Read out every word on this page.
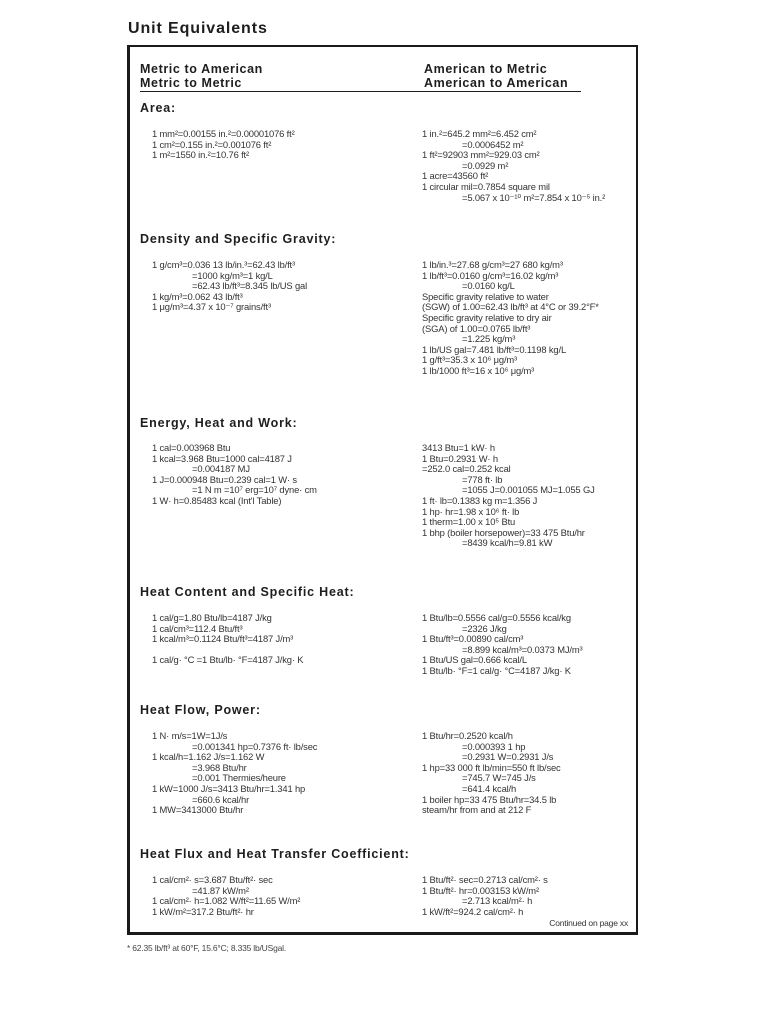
Unit Equivalents
Metric to American
Metric to Metric
American to Metric
American to American
Area:
1 mm²=0.00155 in.²=0.00001076 ft²
1 cm²=0.155 in.²=0.001076 ft²
1 m²=1550 in.²=10.76 ft²
1 in.²=645.2 mm²=6.452 cm²
=0.0006452 m²
1 ft²=92903 mm²=929.03 cm²
=0.0929 m²
1 acre=43560 ft²
1 circular mil=0.7854 square mil
=5.067 x 10⁻¹⁰ m²=7.854 x 10⁻⁵ in.²
Density and Specific Gravity:
1 g/cm³=0.036 13 lb/in.³=62.43 lb/ft³
=1000 kg/m³=1 kg/L
=62.43 lb/ft³=8.345 lb/US gal
1 kg/m³=0.062 43 lb/ft³
1 μg/m³=4.37 x 10⁻⁷ grains/ft³
1 lb/in.³=27.68 g/cm³=27 680 kg/m³
1 lb/ft³=0.0160 g/cm³=16.02 kg/m³
=0.0160 kg/L
Specific gravity relative to water
(SGW) of 1.00=62.43 lb/ft³ at 4°C or 39.2°F*
Specific gravity relative to dry air
(SGA) of 1.00=0.0765 lb/ft³
=1.225 kg/m³
1 lb/US gal=7.481 lb/ft³=0.1198 kg/L
1 g/ft³=35.3 x 10⁶ μg/m³
1 lb/1000 ft³=16 x 10⁶ μg/m³
Energy, Heat and Work:
1 cal=0.003968 Btu
1 kcal=3.968 Btu=1000 cal=4187 J
=0.004187 MJ
1 J=0.000948 Btu=0.239 cal=1 W· s
=1 N m =10⁷ erg=10⁷ dyne· cm
1 W· h=0.85483 kcal (Int'l Table)
3413 Btu=1 kW· h
1 Btu=0.2931 W· h
=252.0 cal=0.252 kcal
=778 ft· lb
=1055 J=0.001055 MJ=1.055 GJ
1 ft· lb=0.1383 kg m=1.356 J
1 hp· hr=1.98 x 10⁶ ft· lb
1 therm=1.00 x 10⁵ Btu
1 bhp (boiler horsepower)=33 475 Btu/hr
=8439 kcal/h=9.81 kW
Heat Content and Specific Heat:
1 cal/g=1.80 Btu/lb=4187 J/kg
1 cal/cm³=112.4 Btu/ft³
1 kcal/m³=0.1124 Btu/ft³=4187 J/m³
1 cal/g· °C =1 Btu/lb· °F=4187 J/kg· K
1 Btu/lb=0.5556 cal/g=0.5556 kcal/kg
=2326 J/kg
1 Btu/ft³=0.00890 cal/cm³
=8.899 kcal/m³=0.0373 MJ/m³
1 Btu/US gal=0.666 kcal/L
1 Btu/lb· °F=1 cal/g· °C=4187 J/kg· K
Heat Flow, Power:
1 N· m/s=1W=1J/s
=0.001341 hp=0.7376 ft· lb/sec
1 kcal/h=1.162 J/s=1.162 W
=3.968 Btu/hr
=0.001 Thermies/heure
1 kW=1000 J/s=3413 Btu/hr=1.341 hp
=660.6 kcal/hr
1 MW=3413000 Btu/hr
1 Btu/hr=0.2520 kcal/h
=0.000393 1 hp
=0.2931 W=0.2931 J/s
1 hp=33 000 ft lb/min=550 ft lb/sec
=745.7 W=745 J/s
=641.4 kcal/h
1 boiler hp=33 475 Btu/hr=34.5 lb
steam/hr from and at 212 F
Heat Flux and Heat Transfer Coefficient:
1 cal/cm²· s=3.687 Btu/ft²· sec
=41.87 kW/m²
1 cal/cm²· h=1.082 W/ft²=11.65 W/m²
1 kW/m²=317.2 Btu/ft²· hr
1 Btu/ft²· sec=0.2713 cal/cm²· s
1 Btu/ft²· hr=0.003153 kW/m²
=2.713 kcal/m²· h
1 kW/ft²=924.2 cal/cm²· h
Continued on page xx
* 62.35 lb/ft³ at 60°F, 15.6°C; 8.335 lb/USgal.
